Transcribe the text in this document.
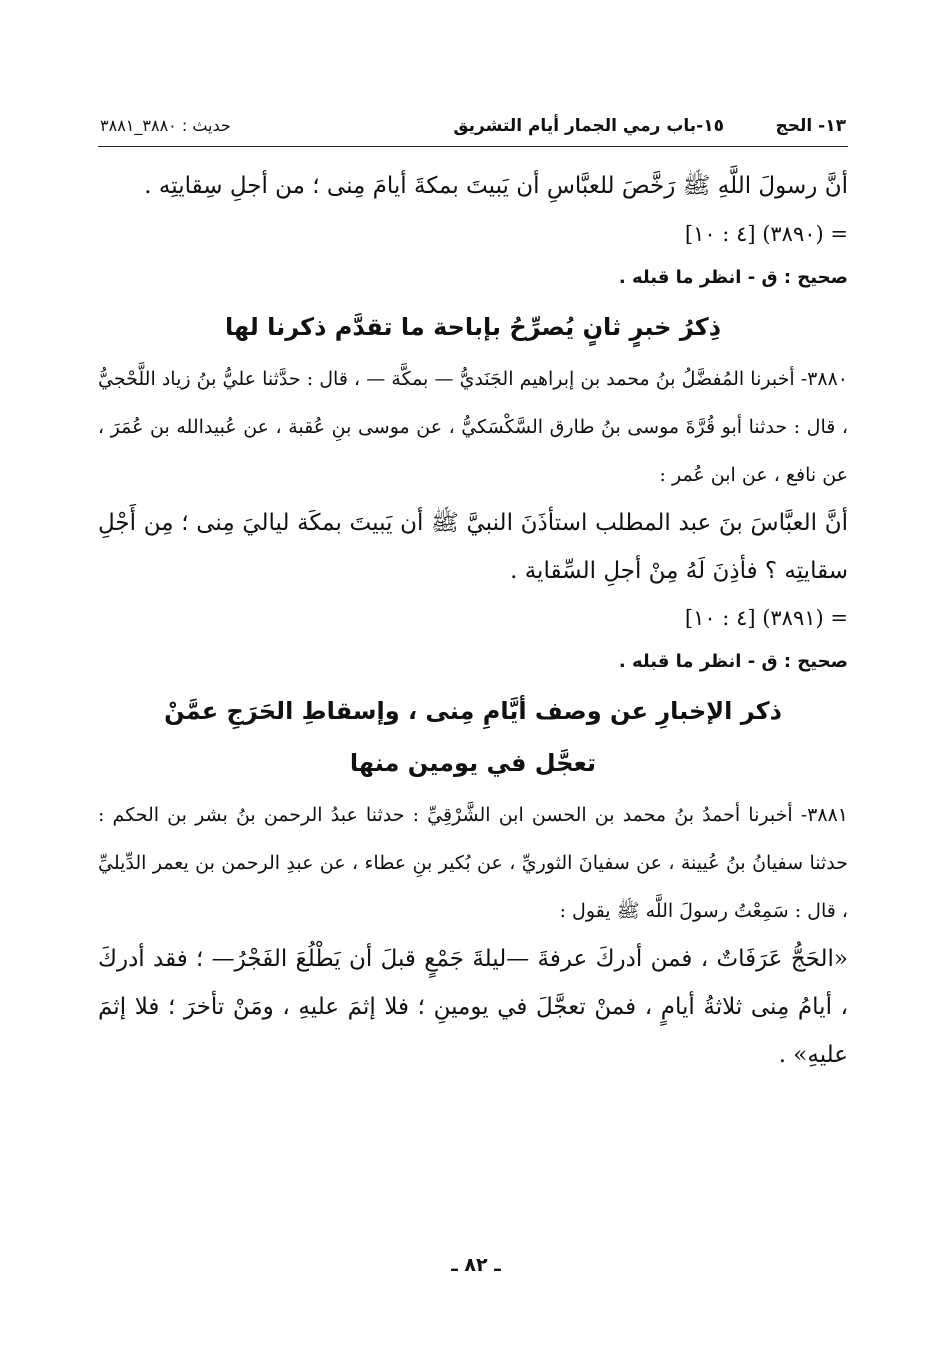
١٣- الحج
١٥-باب رمي الجمار أيام التشريق
حديث : ٣٨٨٠_٣٨٨١

أنَّ رسولَ اللَّهِ ﷺ رَخَّصَ للعبَّاسِ أن يَبيتَ بمكةَ أيامَ مِنى ؛ من أجلِ سِقايتِه .

= (٣٨٩٠) [٤ : ١٠]

صحيح : ق - انظر ما قبله .

ذِكرُ خبرٍ ثانٍ يُصرِّحُ بإباحة ما تقدَّم ذكرنا لها

٣٨٨٠- أخبرنا المُفضَّلُ بنُ محمد بن إبراهيم الجَنَديُّ — بمكَّة — ، قال : حدَّثنا عليُّ بنُ زياد اللَّحْجيُّ ، قال : حدثنا أبو قُرَّةَ موسى بنُ طارق السَّكْسَكيُّ ، عن موسى بنِ عُقبة ، عن عُبيدالله بن عُمَرَ ، عن نافع ، عن ابن عُمر :

أنَّ العبَّاسَ بنَ عبد المطلب استأذَنَ النبيَّ ﷺ أن يَبيتَ بمكَة لياليَ مِنى ؛ مِن أَجْلِ سقايتِه ؟ فأذِنَ لَهُ مِنْ أجلِ السِّقاية .

= (٣٨٩١) [٤ : ١٠]

صحيح : ق - انظر ما قبله .

ذكر الإخبارِ عن وصف أيَّامِ مِنى ، وإسقاطِ الحَرَجِ عمَّنْ
تعجَّل في يومين منها

٣٨٨١- أخبرنا أحمدُ بنُ محمد بن الحسن ابن الشَّرْقِيِّ : حدثنا عبدُ الرحمن بنُ بشر بن الحكم : حدثنا سفيانُ بنُ عُيينة ، عن سفيانَ الثوريِّ ، عن بُكير بنِ عطاء ، عن عبدِ الرحمن بن يعمر الدِّيليِّ ، قال : سَمِعْتُ رسولَ اللَّه ﷺ يقول :

«الحَجُّ عَرَفَاتٌ ، فمن أدركَ عرفةَ —ليلةَ جَمْعٍ قبلَ أن يَطْلُعَ الفَجْرُ— ؛ فقد أدركَ ، أيامُ مِنى ثلاثةُ أيامٍ ، فمنْ تعجَّلَ في يومينِ ؛ فلا إثمَ عليهِ ، ومَنْ تأخرَ ؛ فلا إثمَ عليهِ» .

ـ ٨٢ ـ
